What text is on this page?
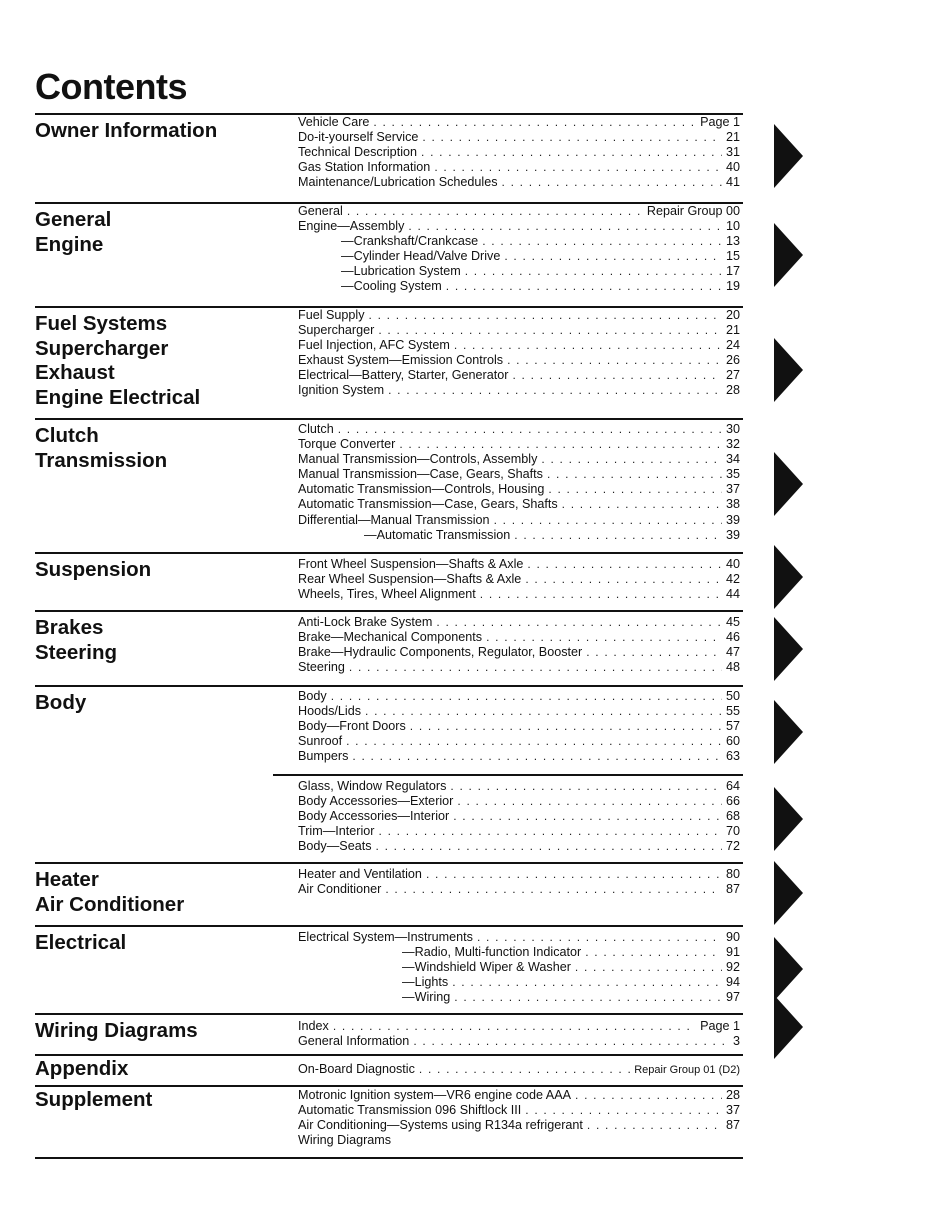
Contents
Owner Information	Vehicle Care . . .	Page 1
Do-it-yourself Service . . .	21
Technical Description . . .	31
Gas Station Information . . .	40
Maintenance/Lubrication Schedules . . .	41
General
Engine
General . . .	Repair Group 00
Engine—Assembly . . .	10
—Crankshaft/Crankcase . . .	13
—Cylinder Head/Valve Drive . . .	15
—Lubrication System . . .	17
—Cooling System . . .	19
Fuel Systems
Supercharger
Exhaust
Engine Electrical
Fuel Supply . . .	20
Supercharger . . .	21
Fuel Injection, AFC System . . .	24
Exhaust System—Emission Controls . . .	26
Electrical—Battery, Starter, Generator . . .	27
Ignition System . . .	28
Clutch
Transmission
Clutch . . .	30
Torque Converter . . .	32
Manual Transmission—Controls, Assembly . . .	34
Manual Transmission—Case, Gears, Shafts . . .	35
Automatic Transmission—Controls, Housing . . .	37
Automatic Transmission—Case, Gears, Shafts . . .	38
Differential—Manual Transmission . . .	39
—Automatic Transmission . . .	39
Suspension	Front Wheel Suspension—Shafts & Axle . . .	40
Rear Wheel Suspension—Shafts & Axle . . .	42
Wheels, Tires, Wheel Alignment . . .	44
Brakes
Steering
Anti-Lock Brake System . . .	45
Brake—Mechanical Components . . .	46
Brake—Hydraulic Components, Regulator, Booster . . .	47
Steering . . .	48
Body	Body . . .	50
Hoods/Lids . . .	55
Body—Front Doors . . .	57
Sunroof . . .	60
Bumpers . . .	63
Glass, Window Regulators . . .	64
Body Accessories—Exterior . . .	66
Body Accessories—Interior . . .	68
Trim—Interior . . .	70
Body—Seats . . .	72
Heater
Air Conditioner
Heater and Ventilation . . .	80
Air Conditioner . . .	87
Electrical	Electrical System—Instruments . . .	90
—Radio, Multi-function Indicator . . .	91
—Windshield Wiper & Washer . . .	92
—Lights . . .	94
—Wiring . . .	97
Wiring Diagrams	Index . . .	Page 1
General Information . . .	3
Appendix	On-Board Diagnostic . . .	Repair Group 01 (D2)
Supplement	Motronic Ignition system—VR6 engine code AAA . . .	28
Automatic Transmission 096 Shiftlock III . . .	37
Air Conditioning—Systems using R134a refrigerant . . .	87
Wiring Diagrams
